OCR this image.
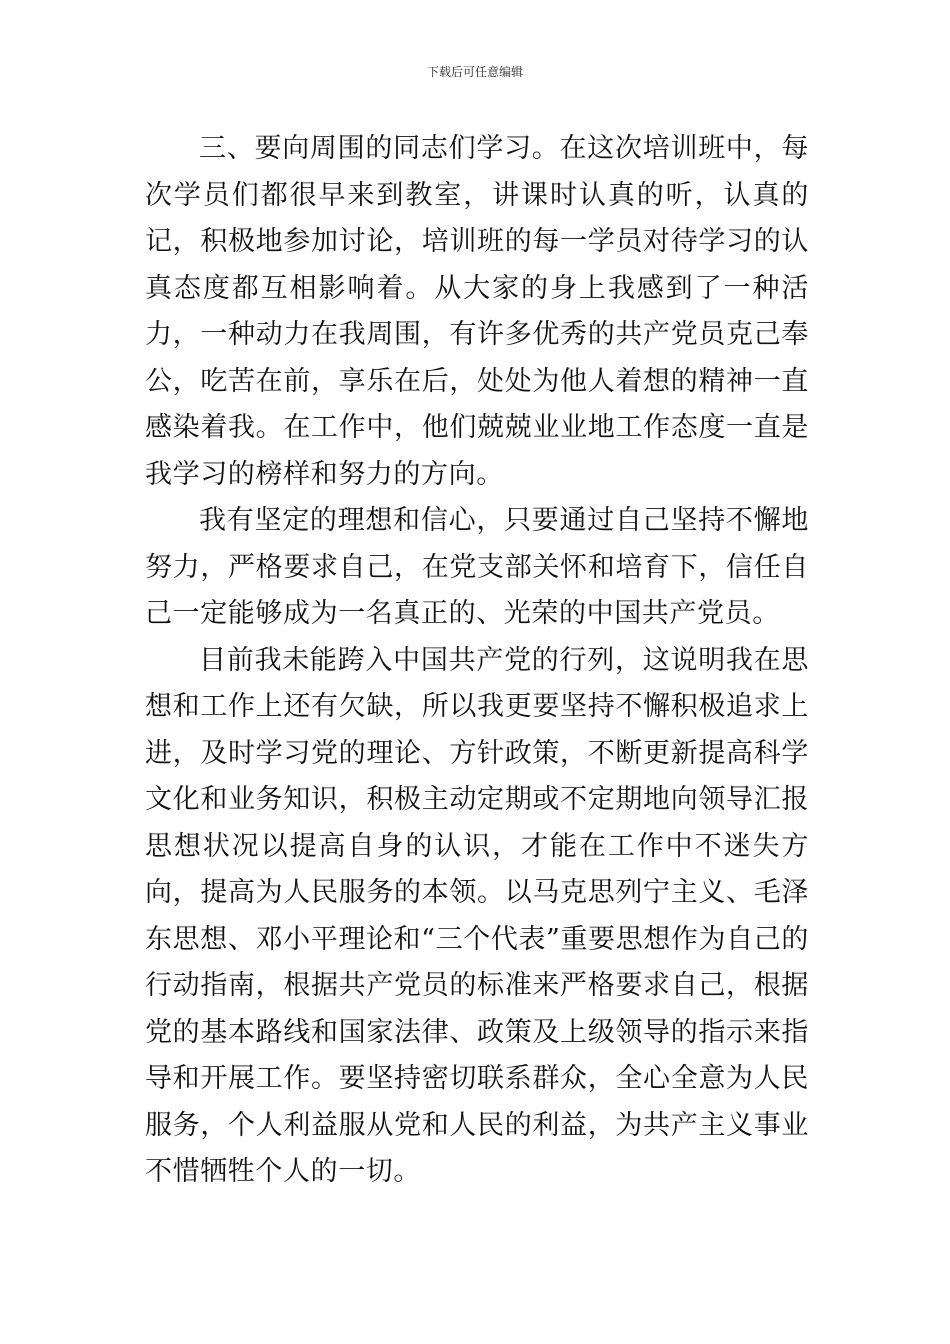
下载后可任意编辑

三、要向周围的同志们学习。在这次培训班中，每次学员们都很早来到教室，讲课时认真的听，认真的记，积极地参加讨论，培训班的每一学员对待学习的认真态度都互相影响着。从大家的身上我感到了一种活力，一种动力在我周围，有许多优秀的共产党员克己奉公，吃苦在前，享乐在后，处处为他人着想的精神一直感染着我。在工作中，他们兢兢业业地工作态度一直是我学习的榜样和努力的方向。

我有坚定的理想和信心，只要通过自己坚持不懈地努力，严格要求自己，在党支部关怀和培育下，信任自己一定能够成为一名真正的、光荣的中国共产党员。

目前我未能跨入中国共产党的行列，这说明我在思想和工作上还有欠缺，所以我更要坚持不懈积极追求上进，及时学习党的理论、方针政策，不断更新提高科学文化和业务知识，积极主动定期或不定期地向领导汇报思想状况以提高自身的认识，才能在工作中不迷失方向，提高为人民服务的本领。以马克思列宁主义、毛泽东思想、邓小平理论和“三个代表”重要思想作为自己的行动指南，根据共产党员的标准来严格要求自己，根据党的基本路线和国家法律、政策及上级领导的指示来指导和开展工作。要坚持密切联系群众，全心全意为人民服务，个人利益服从党和人民的利益，为共产主义事业不惜牺牲个人的一切。
